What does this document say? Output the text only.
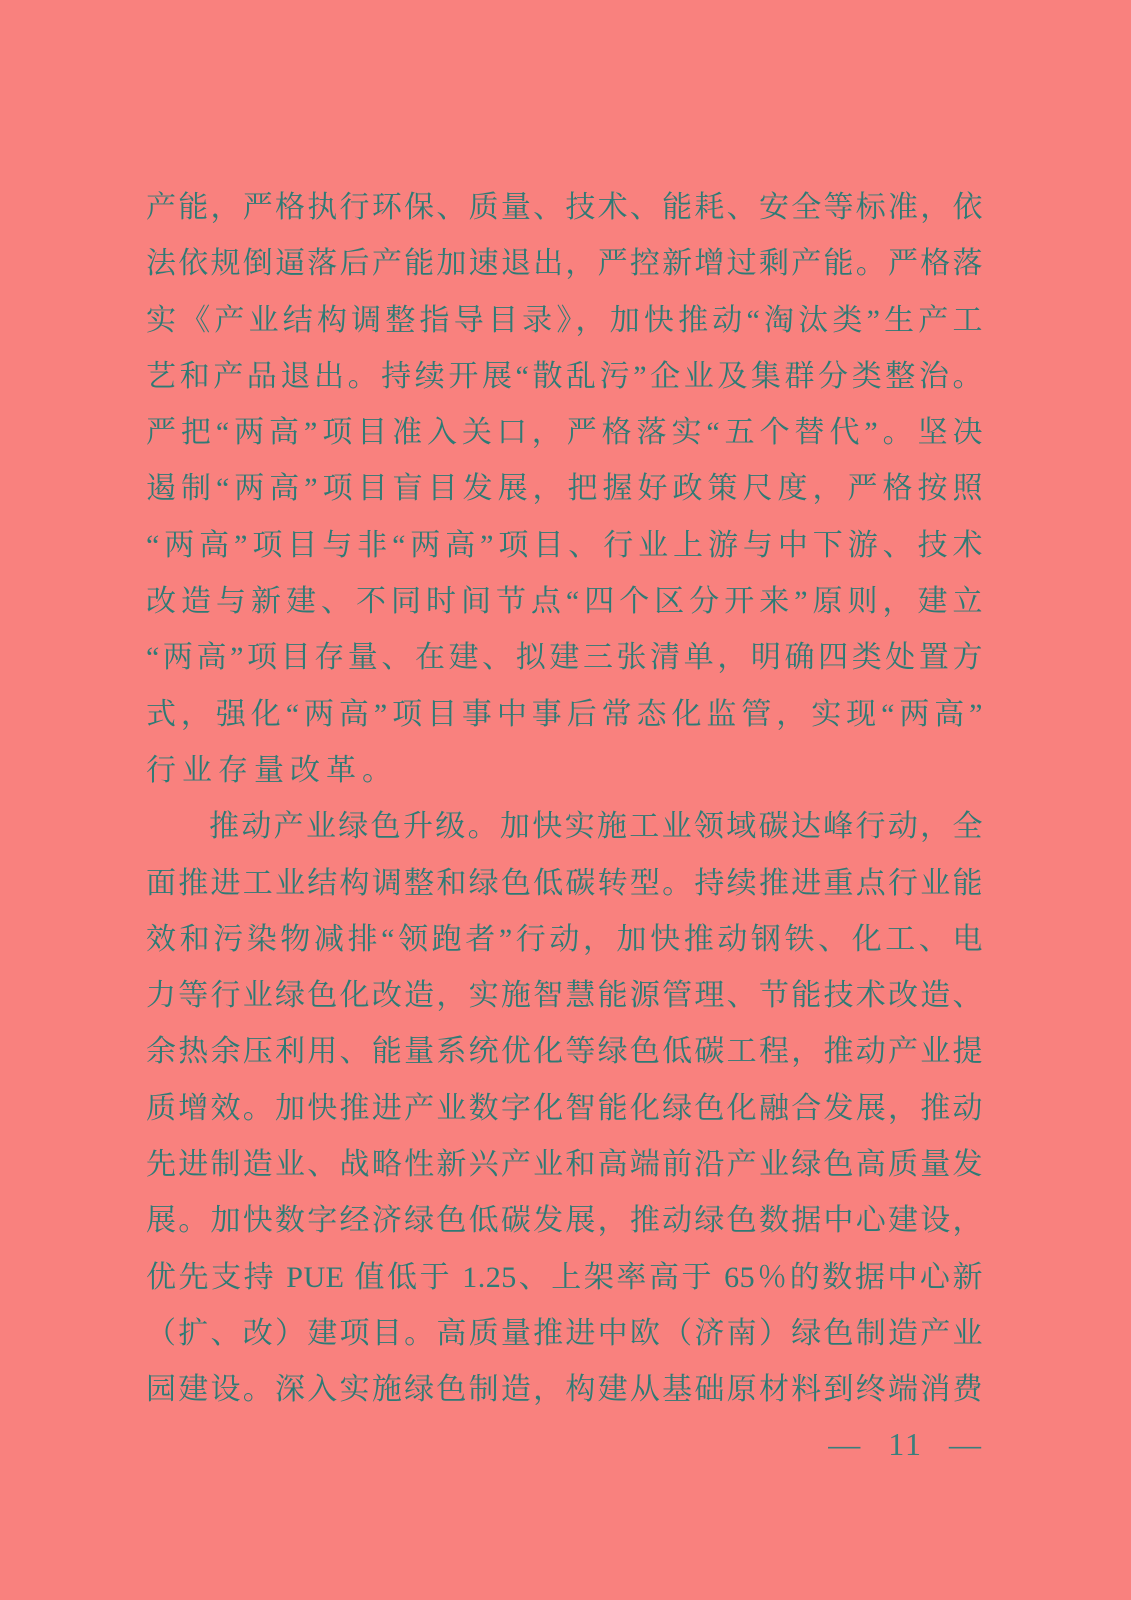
产能，严格执行环保、质量、技术、能耗、安全等标准，依
法依规倒逼落后产能加速退出，严控新增过剩产能。严格落
实《产业结构调整指导目录》，加快推动“淘汰类”生产工
艺和产品退出。持续开展“散乱污”企业及集群分类整治。
严把“两高”项目准入关口，严格落实“五个替代”。坚决
遏制“两高”项目盲目发展，把握好政策尺度，严格按照
“两高”项目与非“两高”项目、行业上游与中下游、技术
改造与新建、不同时间节点“四个区分开来”原则，建立
“两高”项目存量、在建、拟建三张清单，明确四类处置方
式，强化“两高”项目事中事后常态化监管，实现“两高”
行业存量改革。
推动产业绿色升级。加快实施工业领域碳达峰行动，全
面推进工业结构调整和绿色低碳转型。持续推进重点行业能
效和污染物减排“领跑者”行动，加快推动钢铁、化工、电
力等行业绿色化改造，实施智慧能源管理、节能技术改造、
余热余压利用、能量系统优化等绿色低碳工程，推动产业提
质增效。加快推进产业数字化智能化绿色化融合发展，推动
先进制造业、战略性新兴产业和高端前沿产业绿色高质量发
展。加快数字经济绿色低碳发展，推动绿色数据中心建设，
优先支持 PUE 值低于 1.25、上架率高于 65％的数据中心新
（扩、改）建项目。高质量推进中欧（济南）绿色制造产业
园建设。深入实施绿色制造，构建从基础原材料到终端消费
— 11 —
